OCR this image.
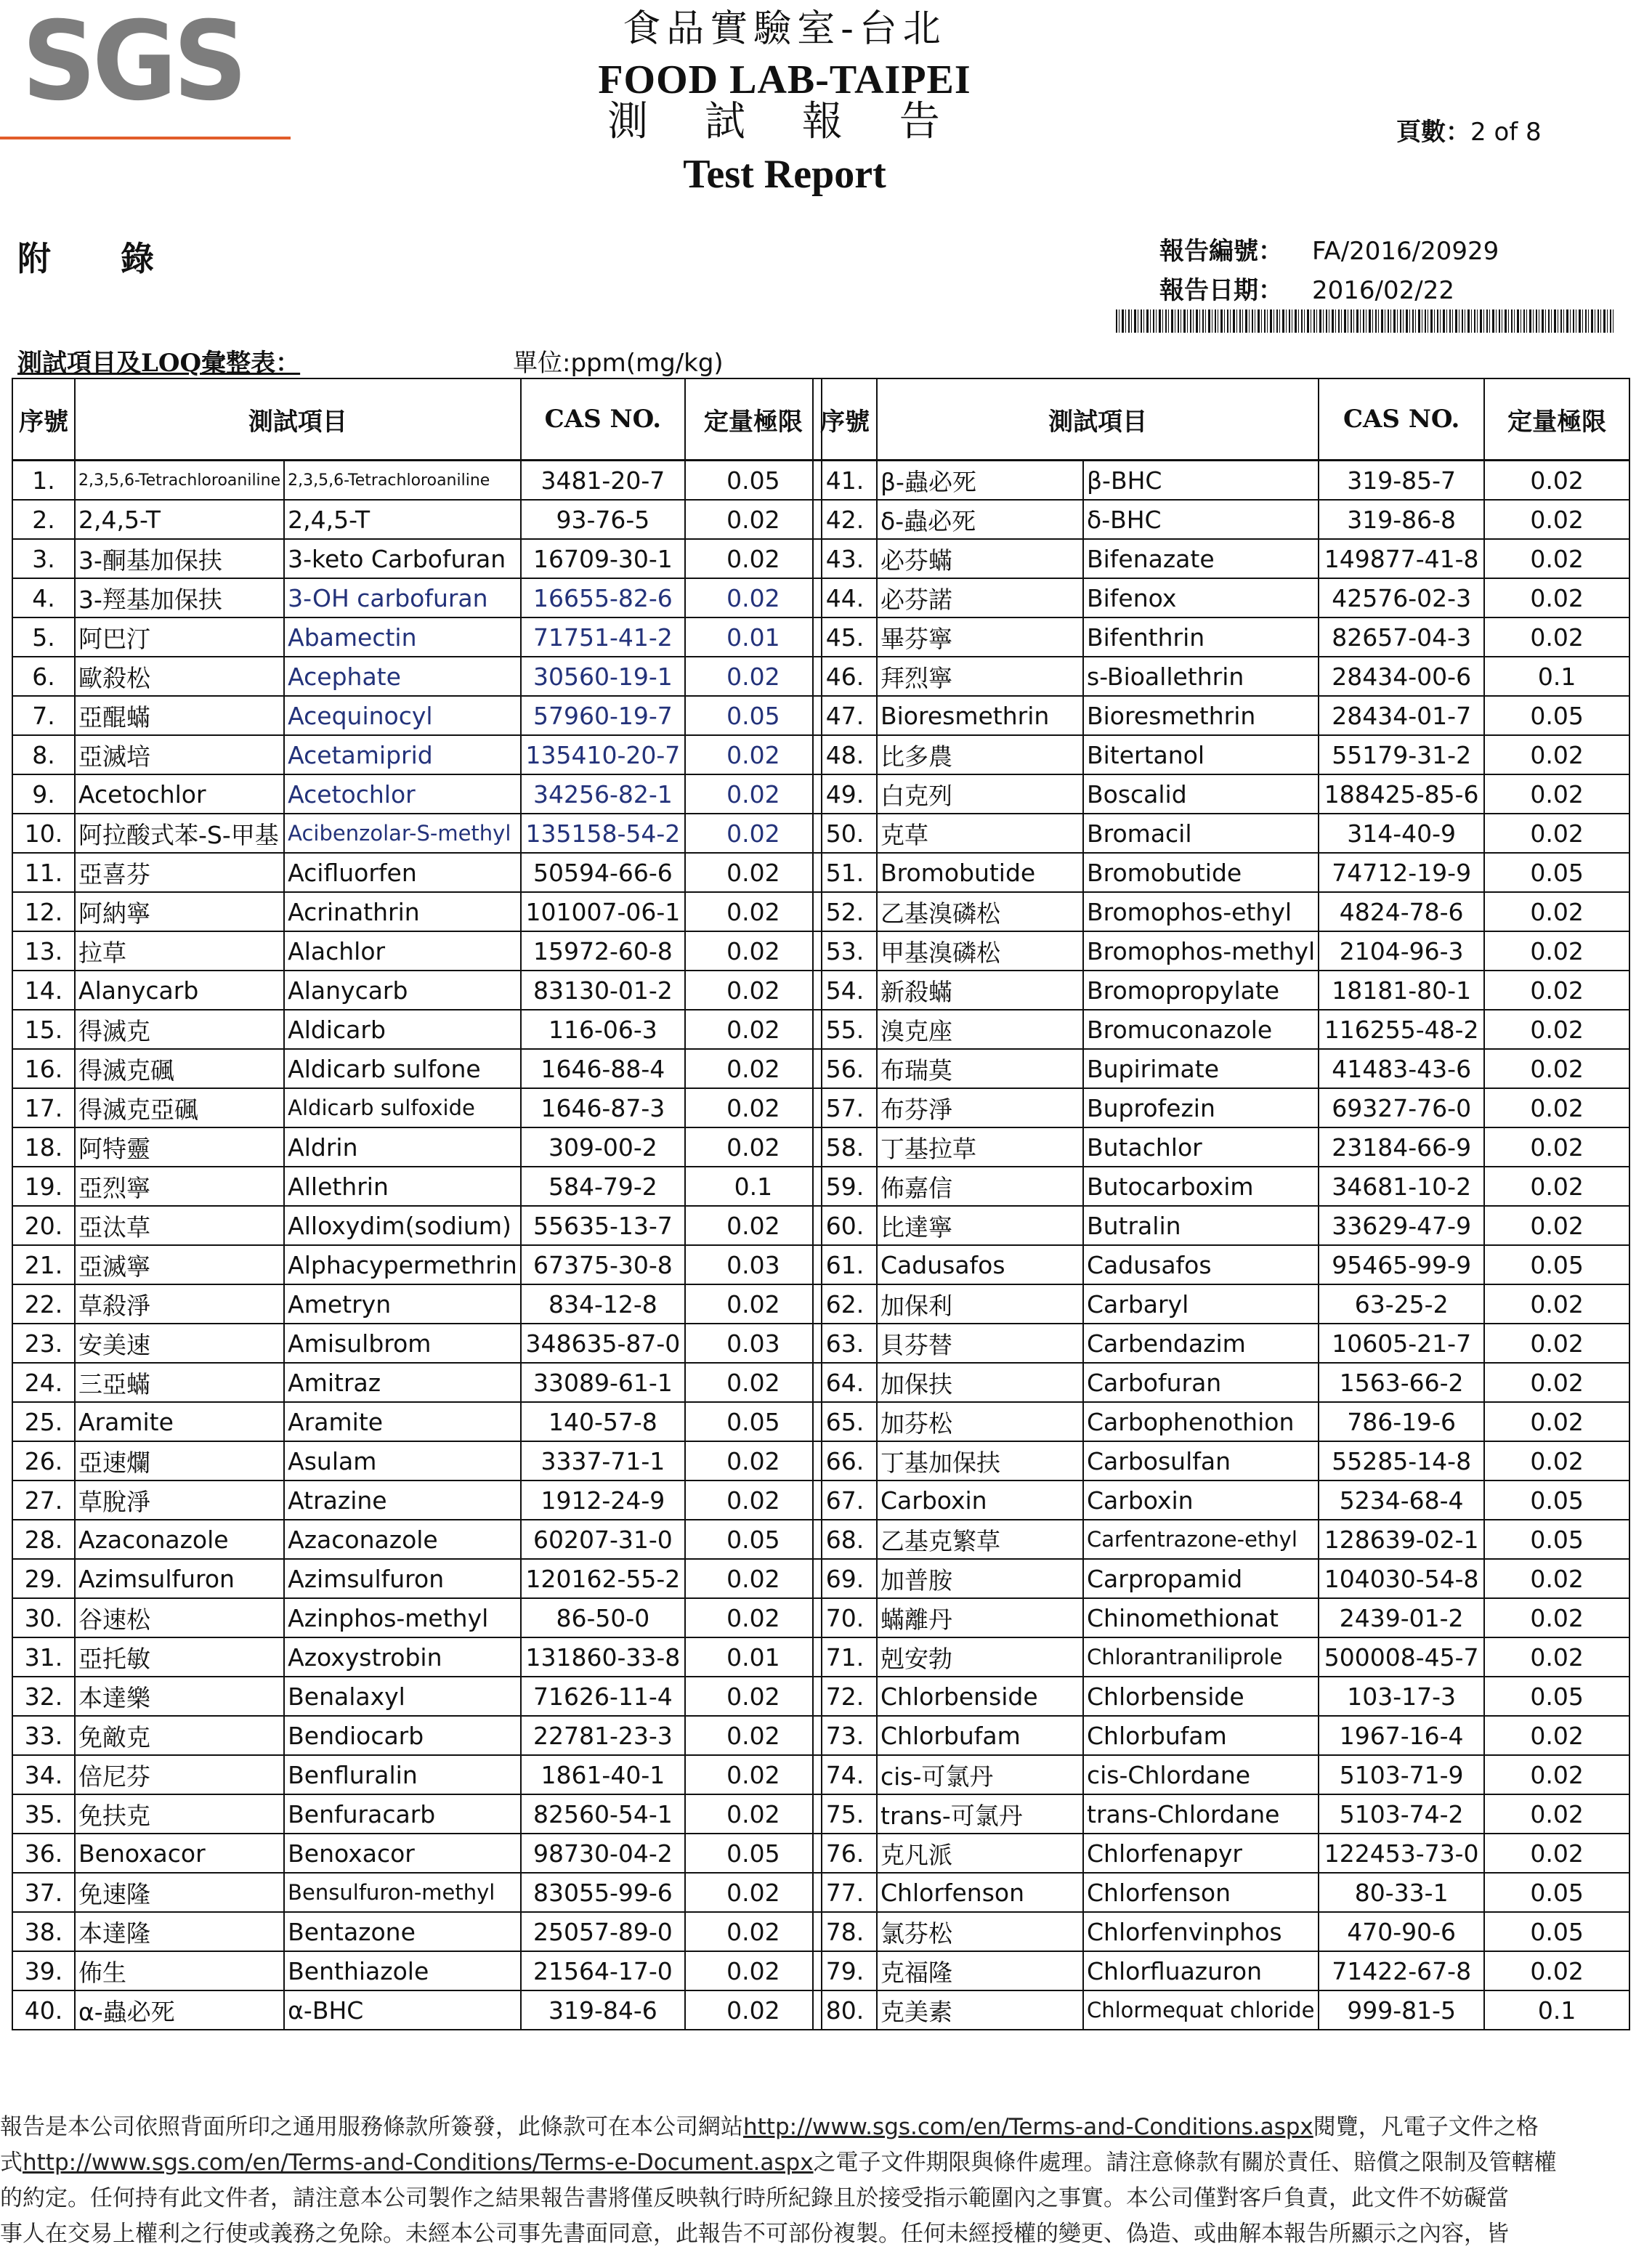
SGS	食品實驗室-台北
FOOD LAB-TAIPEI
測 試 報 告
Test Report
頁數：2 of 8
附 錄	報告編號： FA/2016/20929
報告日期： 2016/02/22
測試項目及LOQ彙整表：	單位:ppm(mg/kg)
序號	測試項目		CAS NO.	定量極限
1.	2,3,5,6-Tetrachloroaniline	2,3,5,6-Tetrachloroaniline	3481-20-7	0.05
2.	2,4,5-T	2,4,5-T	93-76-5	0.02
3.	3-酮基加保扶	3-keto Carbofuran	16709-30-1	0.02
4.	3-羥基加保扶	3-OH carbofuran	16655-82-6	0.02
5.	阿巴汀	Abamectin	71751-41-2	0.01
6.	歐殺松	Acephate	30560-19-1	0.02
7.	亞醌蟎	Acequinocyl	57960-19-7	0.05
8.	亞滅培	Acetamiprid	135410-20-7	0.02
9.	Acetochlor	Acetochlor	34256-82-1	0.02
10.	阿拉酸式苯-S-甲基	Acibenzolar-S-methyl	135158-54-2	0.02
11.	亞喜芬	Acifluorfen	50594-66-6	0.02
12.	阿納寧	Acrinathrin	101007-06-1	0.02
13.	拉草	Alachlor	15972-60-8	0.02
14.	Alanycarb	Alanycarb	83130-01-2	0.02
15.	得滅克	Aldicarb	116-06-3	0.02
16.	得滅克碸	Aldicarb sulfone	1646-88-4	0.02
17.	得滅克亞碸	Aldicarb sulfoxide	1646-87-3	0.02
18.	阿特靈	Aldrin	309-00-2	0.02
19.	亞烈寧	Allethrin	584-79-2	0.1
20.	亞汰草	Alloxydim(sodium)	55635-13-7	0.02
21.	亞滅寧	Alphacypermethrin	67375-30-8	0.03
22.	草殺淨	Ametryn	834-12-8	0.02
23.	安美速	Amisulbrom	348635-87-0	0.03
24.	三亞蟎	Amitraz	33089-61-1	0.02
25.	Aramite	Aramite	140-57-8	0.05
26.	亞速爛	Asulam	3337-71-1	0.02
27.	草脫淨	Atrazine	1912-24-9	0.02
28.	Azaconazole	Azaconazole	60207-31-0	0.05
29.	Azimsulfuron	Azimsulfuron	120162-55-2	0.02
30.	谷速松	Azinphos-methyl	86-50-0	0.02
31.	亞托敏	Azoxystrobin	131860-33-8	0.01
32.	本達樂	Benalaxyl	71626-11-4	0.02
33.	免敵克	Bendiocarb	22781-23-3	0.02
34.	倍尼芬	Benfluralin	1861-40-1	0.02
35.	免扶克	Benfuracarb	82560-54-1	0.02
36.	Benoxacor	Benoxacor	98730-04-2	0.05
37.	免速隆	Bensulfuron-methyl	83055-99-6	0.02
38.	本達隆	Bentazone	25057-89-0	0.02
39.	佈生	Benthiazole	21564-17-0	0.02
40.	α-蟲必死	α-BHC	319-84-6	0.02
序號	測試項目		CAS NO.	定量極限
41.	β-蟲必死	β-BHC	319-85-7	0.02
42.	δ-蟲必死	δ-BHC	319-86-8	0.02
43.	必芬蟎	Bifenazate	149877-41-8	0.02
44.	必芬諾	Bifenox	42576-02-3	0.02
45.	畢芬寧	Bifenthrin	82657-04-3	0.02
46.	拜烈寧	s-Bioallethrin	28434-00-6	0.1
47.	Bioresmethrin	Bioresmethrin	28434-01-7	0.05
48.	比多農	Bitertanol	55179-31-2	0.02
49.	白克列	Boscalid	188425-85-6	0.02
50.	克草	Bromacil	314-40-9	0.02
51.	Bromobutide	Bromobutide	74712-19-9	0.05
52.	乙基溴磷松	Bromophos-ethyl	4824-78-6	0.02
53.	甲基溴磷松	Bromophos-methyl	2104-96-3	0.02
54.	新殺蟎	Bromopropylate	18181-80-1	0.02
55.	溴克座	Bromuconazole	116255-48-2	0.02
56.	布瑞莫	Bupirimate	41483-43-6	0.02
57.	布芬淨	Buprofezin	69327-76-0	0.02
58.	丁基拉草	Butachlor	23184-66-9	0.02
59.	佈嘉信	Butocarboxim	34681-10-2	0.02
60.	比達寧	Butralin	33629-47-9	0.02
61.	Cadusafos	Cadusafos	95465-99-9	0.05
62.	加保利	Carbaryl	63-25-2	0.02
63.	貝芬替	Carbendazim	10605-21-7	0.02
64.	加保扶	Carbofuran	1563-66-2	0.02
65.	加芬松	Carbophenothion	786-19-6	0.02
66.	丁基加保扶	Carbosulfan	55285-14-8	0.02
67.	Carboxin	Carboxin	5234-68-4	0.05
68.	乙基克繁草	Carfentrazone-ethyl	128639-02-1	0.05
69.	加普胺	Carpropamid	104030-54-8	0.02
70.	蟎離丹	Chinomethionat	2439-01-2	0.02
71.	剋安勃	Chlorantraniliprole	500008-45-7	0.02
72.	Chlorbenside	Chlorbenside	103-17-3	0.05
73.	Chlorbufam	Chlorbufam	1967-16-4	0.02
74.	cis-可氯丹	cis-Chlordane	5103-71-9	0.02
75.	trans-可氯丹	trans-Chlordane	5103-74-2	0.02
76.	克凡派	Chlorfenapyr	122453-73-0	0.02
77.	Chlorfenson	Chlorfenson	80-33-1	0.05
78.	氯芬松	Chlorfenvinphos	470-90-6	0.05
79.	克福隆	Chlorfluazuron	71422-67-8	0.02
80.	克美素	Chlormequat chloride	999-81-5	0.1
報告是本公司依照背面所印之通用服務條款所簽發，此條款可在本公司網站http://www.sgs.com/en/Terms-and-Conditions.aspx閱覽，凡電子文件之格
式http://www.sgs.com/en/Terms-and-Conditions/Terms-e-Document.aspx之電子文件期限與條件處理。請注意條款有關於責任、賠償之限制及管轄權
的約定。任何持有此文件者，請注意本公司製作之結果報告書將僅反映執行時所紀錄且於接受指示範圍內之事實。本公司僅對客戶負責，此文件不妨礙當
事人在交易上權利之行使或義務之免除。未經本公司事先書面同意，此報告不可部份複製。任何未經授權的變更、偽造、或曲解本報告所顯示之內容，皆
